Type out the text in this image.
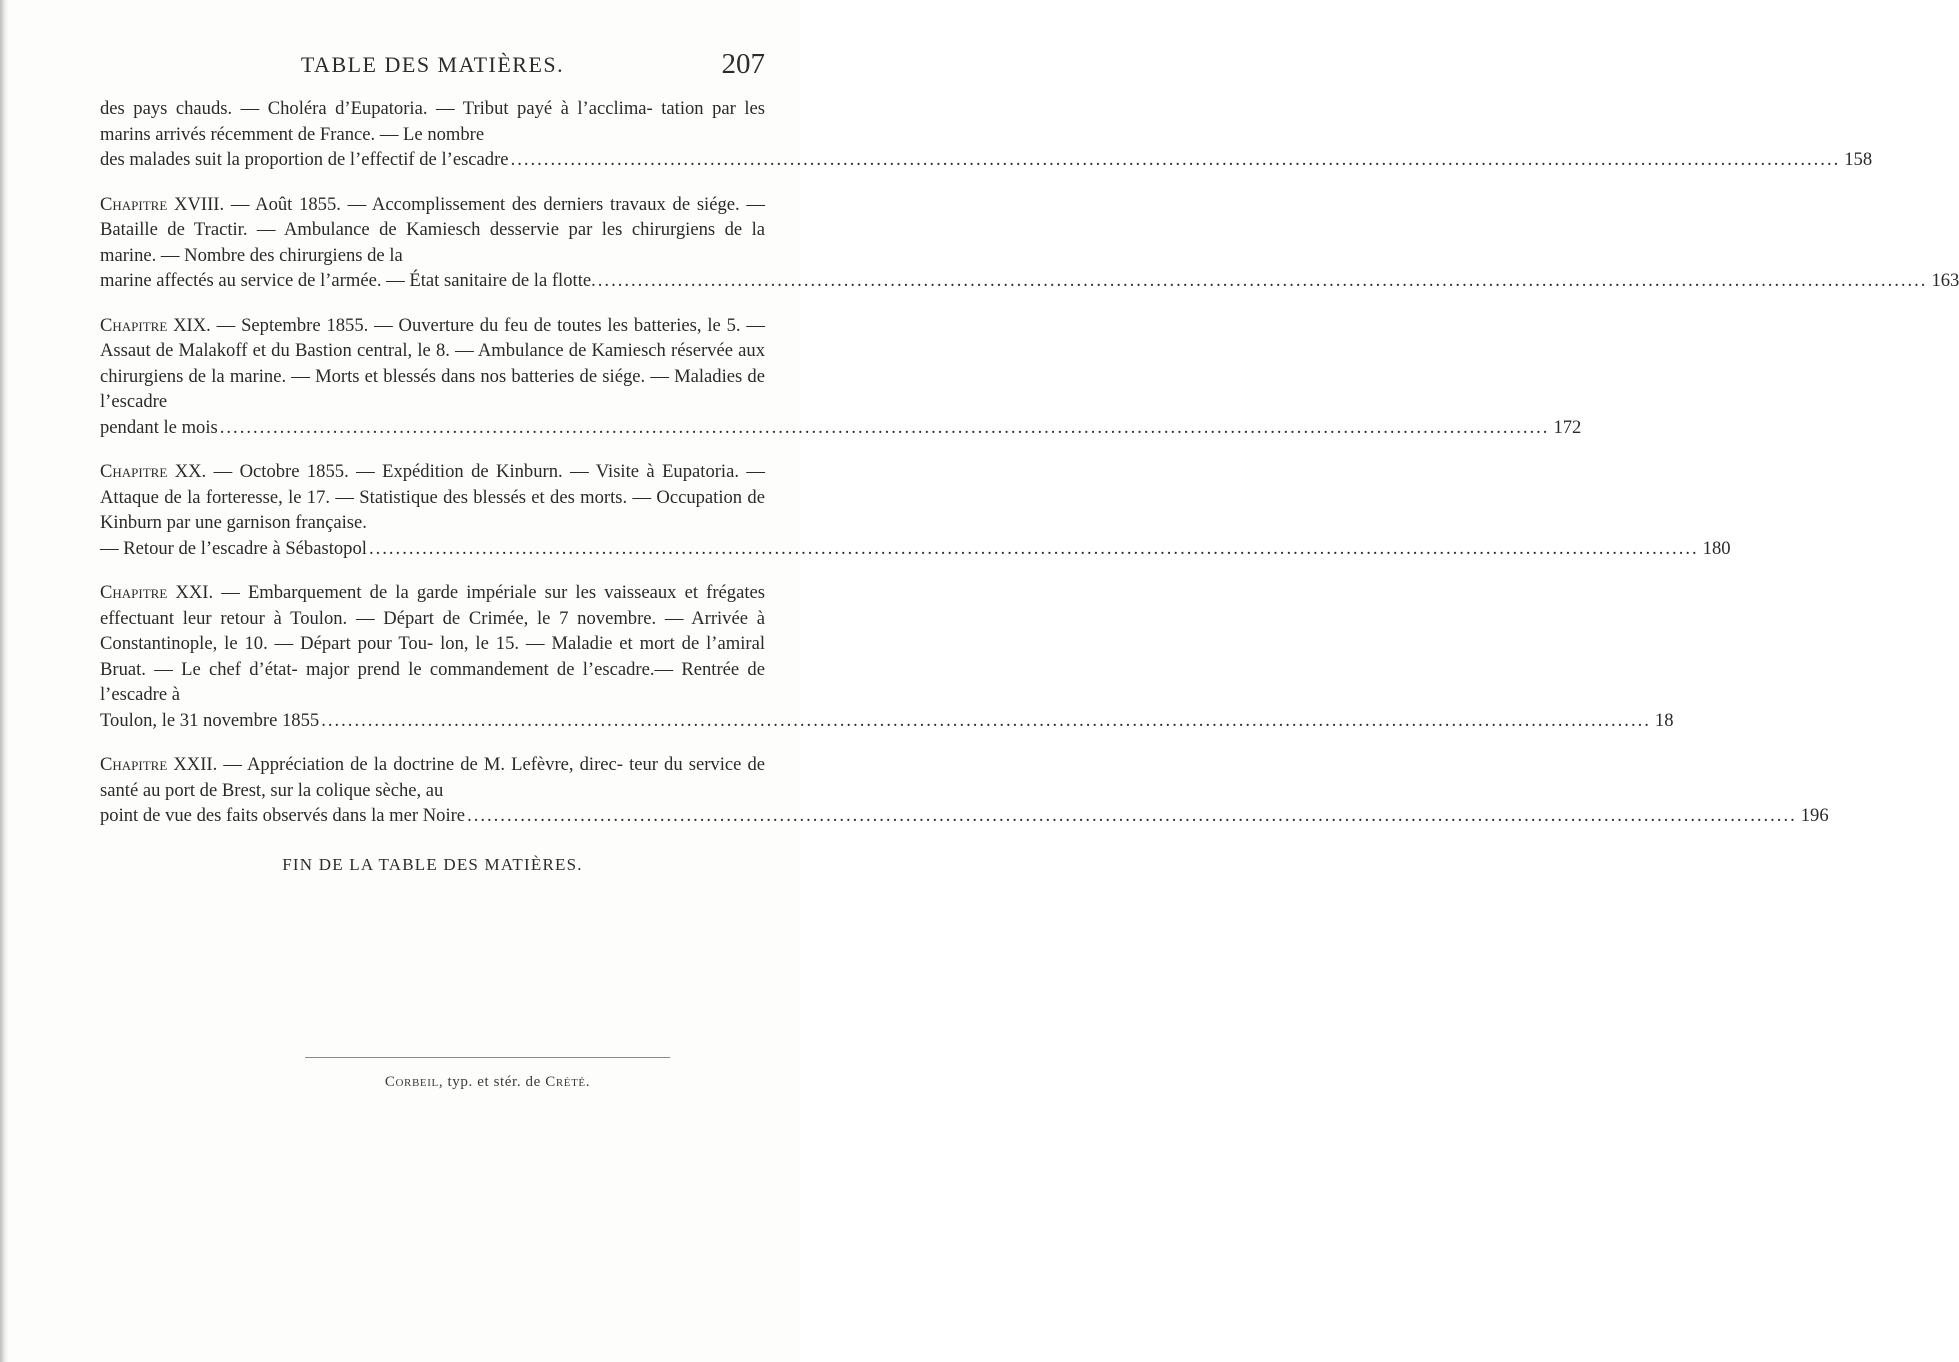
TABLE DES MATIÈRES.	207
des pays chauds. — Choléra d’Eupatoria. — Tribut payé à l’acclima- tation par les marins arrivés récemment de France. — Le nombre
des malades suit la proportion de l’effectif de l’escadre ........................................................................................................................................................................................................ 158
Chapitre XVIII. — Août 1855. — Accomplissement des derniers travaux de siége. — Bataille de Tractir. — Ambulance de Kamiesch desservie par les chirurgiens de la marine. — Nombre des chirurgiens de la
marine affectés au service de l’armée. — État sanitaire de la flotte. ........................................................................................................................................................................................................ 163
Chapitre XIX. — Septembre 1855. — Ouverture du feu de toutes les batteries, le 5. — Assaut de Malakoff et du Bastion central, le 8. — Ambulance de Kamiesch réservée aux chirurgiens de la marine. — Morts et blessés dans nos batteries de siége. — Maladies de l’escadre
pendant le mois ........................................................................................................................................................................................................ 172
Chapitre XX. — Octobre 1855. — Expédition de Kinburn. — Visite à Eupatoria. — Attaque de la forteresse, le 17. — Statistique des blessés et des morts. — Occupation de Kinburn par une garnison française.
— Retour de l’escadre à Sébastopol ........................................................................................................................................................................................................ 180
Chapitre XXI. — Embarquement de la garde impériale sur les vaisseaux et frégates effectuant leur retour à Toulon. — Départ de Crimée, le 7 novembre. — Arrivée à Constantinople, le 10. — Départ pour Tou- lon, le 15. — Maladie et mort de l’amiral Bruat. — Le chef d’état- major prend le commandement de l’escadre.— Rentrée de l’escadre à
Toulon, le 31 novembre 1855 ........................................................................................................................................................................................................ 18
Chapitre XXII. — Appréciation de la doctrine de M. Lefèvre, direc- teur du service de santé au port de Brest, sur la colique sèche, au
point de vue des faits observés dans la mer Noire ........................................................................................................................................................................................................ 196
FIN DE LA TABLE DES MATIÈRES.
Corbeil, typ. et stér. de Crété.
